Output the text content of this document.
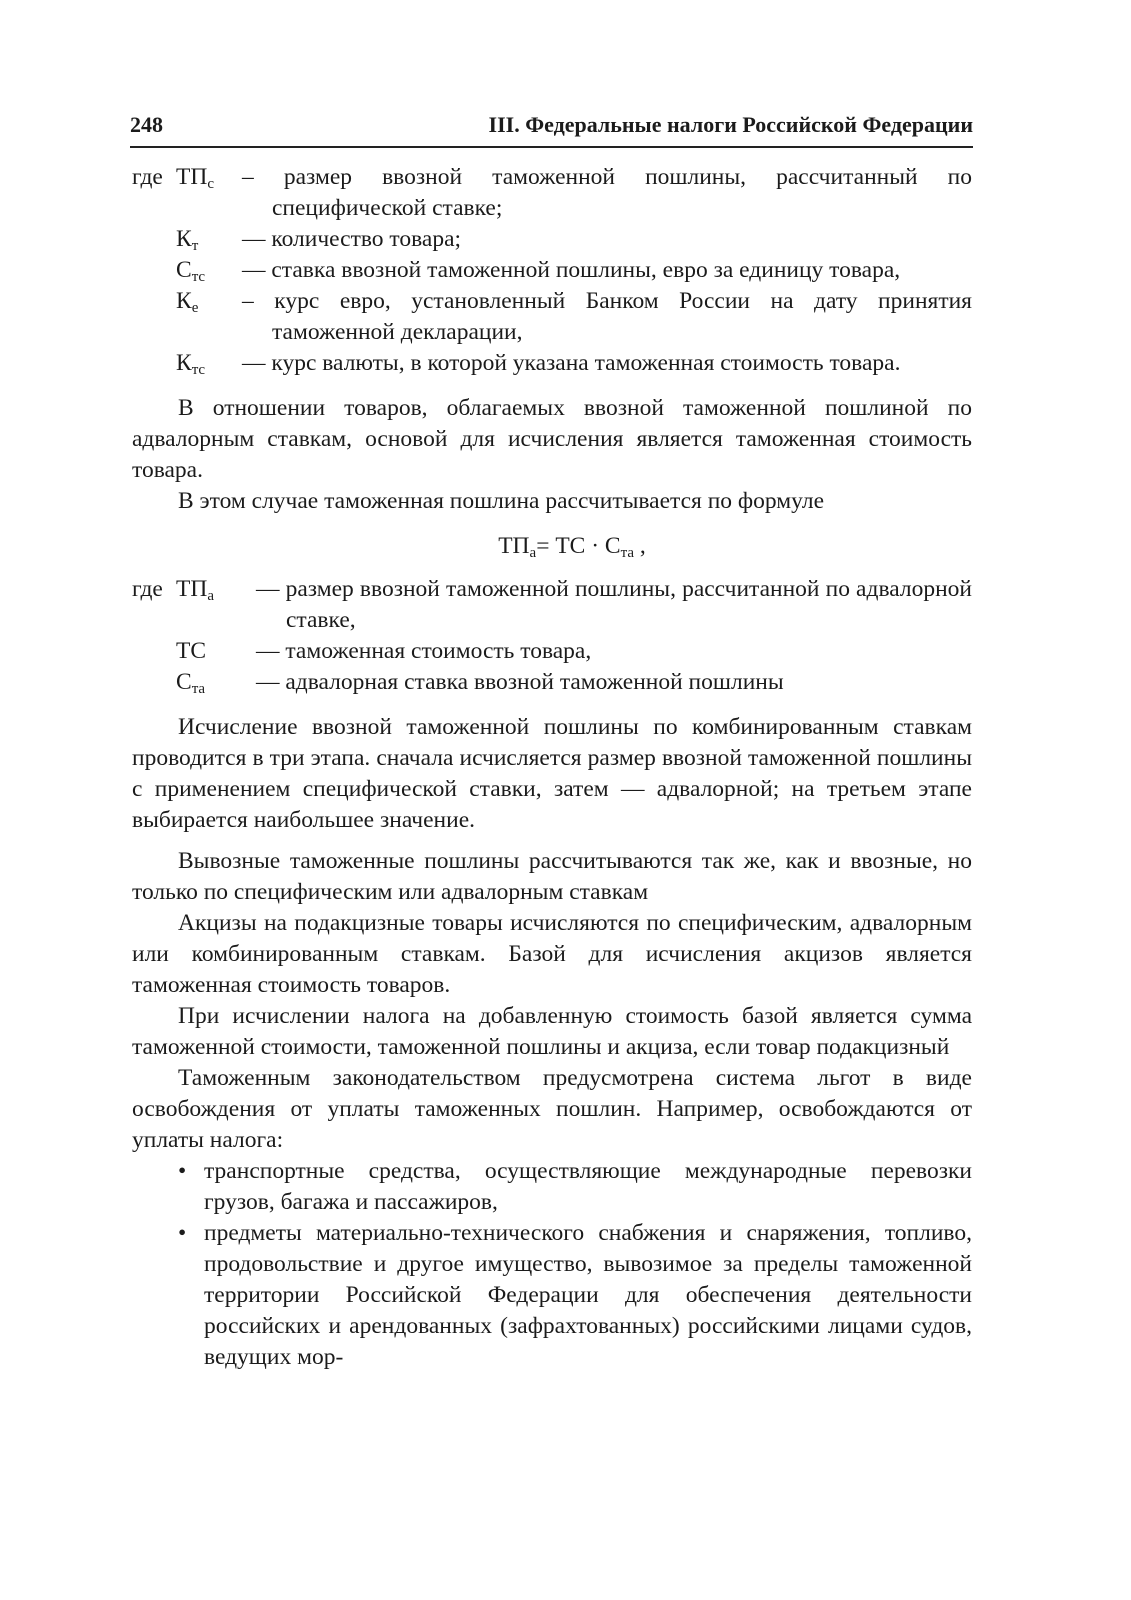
248	III. Федеральные налоги Российской Федерации
где $ТП_с$	– размер ввозной таможенной пошлины, рассчитанный по специфической ставке;
$К_т$	— количество товара;
$С_{тс}$	— ставка ввозной таможенной пошлины, евро за единицу товара,
$К_е$	– курс евро, установленный Банком России на дату принятия таможенной декларации,
$К_{тс}$	— курс валюты, в которой указана таможенная стоимость товара.

В отношении товаров, облагаемых ввозной таможенной пошлиной по адвалорным ставкам, основой для исчисления является таможенная стоимость товара.

В этом случае таможенная пошлина рассчитывается по формуле

$ТП_а=$ ТС · $С_{та}$ ,
где $ТП_а$	— размер ввозной таможенной пошлины, рассчитанной по адвалорной ставке,
ТС	— таможенная стоимость товара,
$С_{та}$	— адвалорная ставка ввозной таможенной пошлины

Исчисление ввозной таможенной пошлины по комбинированным ставкам проводится в три этапа. сначала исчисляется размер ввозной таможенной пошлины с применением специфической ставки, затем — адвалорной; на третьем этапе выбирается наибольшее значение.

Вывозные таможенные пошлины рассчитываются так же, как и ввозные, но только по специфическим или адвалорным ставкам

Акцизы на подакцизные товары исчисляются по специфическим, адвалорным или комбинированным ставкам. Базой для исчисления акцизов является таможенная стоимость товаров.

При исчислении налога на добавленную стоимость базой является сумма таможенной стоимости, таможенной пошлины и акциза, если товар подакцизный

Таможенным законодательством предусмотрена система льгот в виде освобождения от уплаты таможенных пошлин. Например, освобождаются от уплаты налога:

• транспортные средства, осуществляющие международные перевозки грузов, багажа и пассажиров,
• предметы материально-технического снабжения и снаряжения, топливо, продовольствие и другое имущество, вывозимое за пределы таможенной территории Российской Федерации для обеспечения деятельности российских и арендованных (зафрахтованных) российскими лицами судов, ведущих мор-
